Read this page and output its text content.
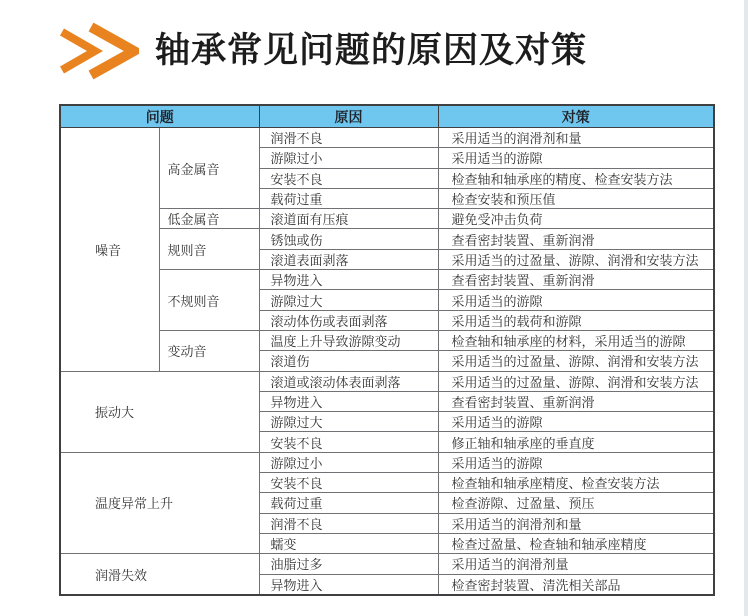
轴承常见问题的原因及对策
问题		原因	对策
噪音	高金属音	润滑不良	采用适当的润滑剂和量
		游隙过小	采用适当的游隙
		安装不良	检查轴和轴承座的精度、检查安装方法
		载荷过重	检查安装和预压值
	低金属音	滚道面有压痕	避免受冲击负荷
	规则音	锈蚀或伤	查看密封装置、重新润滑
		滚道表面剥落	采用适当的过盈量、游隙、润滑和安装方法
	不规则音	异物进入	查看密封装置、重新润滑
		游隙过大	采用适当的游隙
		滚动体伤或表面剥落	采用适当的载荷和游隙
	变动音	温度上升导致游隙变动	检查轴和轴承座的材料，采用适当的游隙
		滚道伤	采用适当的过盈量、游隙、润滑和安装方法
振动大		滚道或滚动体表面剥落	采用适当的过盈量、游隙、润滑和安装方法
		异物进入	查看密封装置、重新润滑
		游隙过大	采用适当的游隙
		安装不良	修正轴和轴承座的垂直度
温度异常上升		游隙过小	采用适当的游隙
		安装不良	检查轴和轴承座精度、检查安装方法
		载荷过重	检查游隙、过盈量、预压
		润滑不良	采用适当的润滑剂和量
		蠕变	检查过盈量、检查轴和轴承座精度
润滑失效		油脂过多	采用适当的润滑剂量
		异物进入	检查密封装置、清洗相关部品
